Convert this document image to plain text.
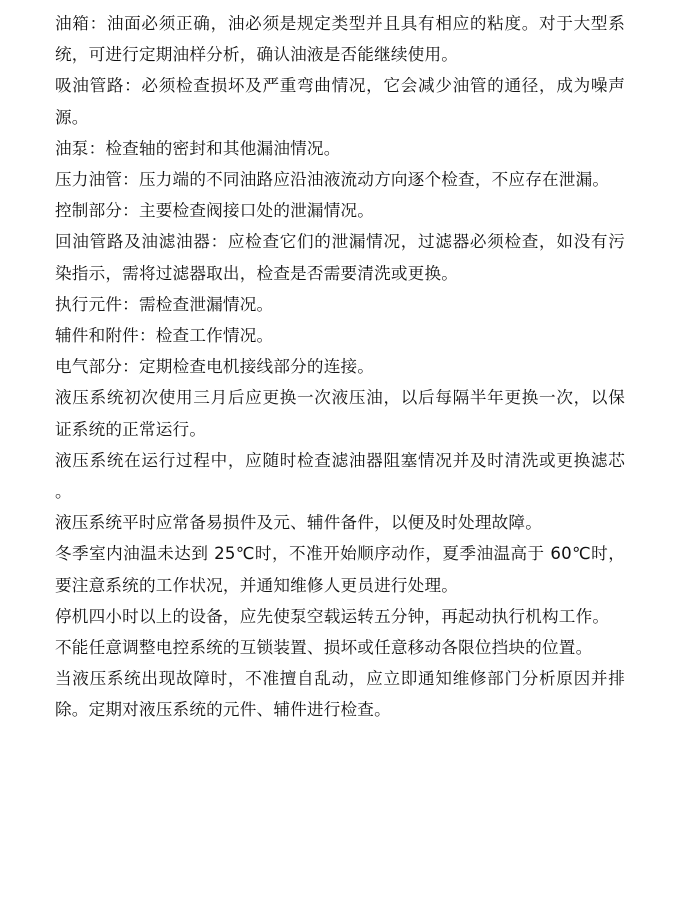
油箱：油面必须正确，油必须是规定类型并且具有相应的粘度。对于大型系统，可进行定期油样分析，确认油液是否能继续使用。

吸油管路：必须检查损坏及严重弯曲情况，它会减少油管的通径，成为噪声源。

油泵：检查轴的密封和其他漏油情况。

压力油管：压力端的不同油路应沿油液流动方向逐个检查，不应存在泄漏。

控制部分：主要检查阀接口处的泄漏情况。

回油管路及油滤油器：应检查它们的泄漏情况，过滤器必须检查，如没有污染指示，需将过滤器取出，检查是否需要清洗或更换。

执行元件：需检查泄漏情况。

辅件和附件：检查工作情况。

电气部分：定期检查电机接线部分的连接。

液压系统初次使用三月后应更换一次液压油，以后每隔半年更换一次，以保证系统的正常运行。

液压系统在运行过程中，应随时检查滤油器阻塞情况并及时清洗或更换滤芯。

液压系统平时应常备易损件及元、辅件备件，以便及时处理故障。

冬季室内油温未达到 25℃时，不准开始顺序动作，夏季油温高于 60℃时，要注意系统的工作状况，并通知维修人更员进行处理。

停机四小时以上的设备，应先使泵空载运转五分钟，再起动执行机构工作。

不能任意调整电控系统的互锁装置、损坏或任意移动各限位挡块的位置。

当液压系统出现故障时，不准擅自乱动，应立即通知维修部门分析原因并排除。定期对液压系统的元件、辅件进行检查。
